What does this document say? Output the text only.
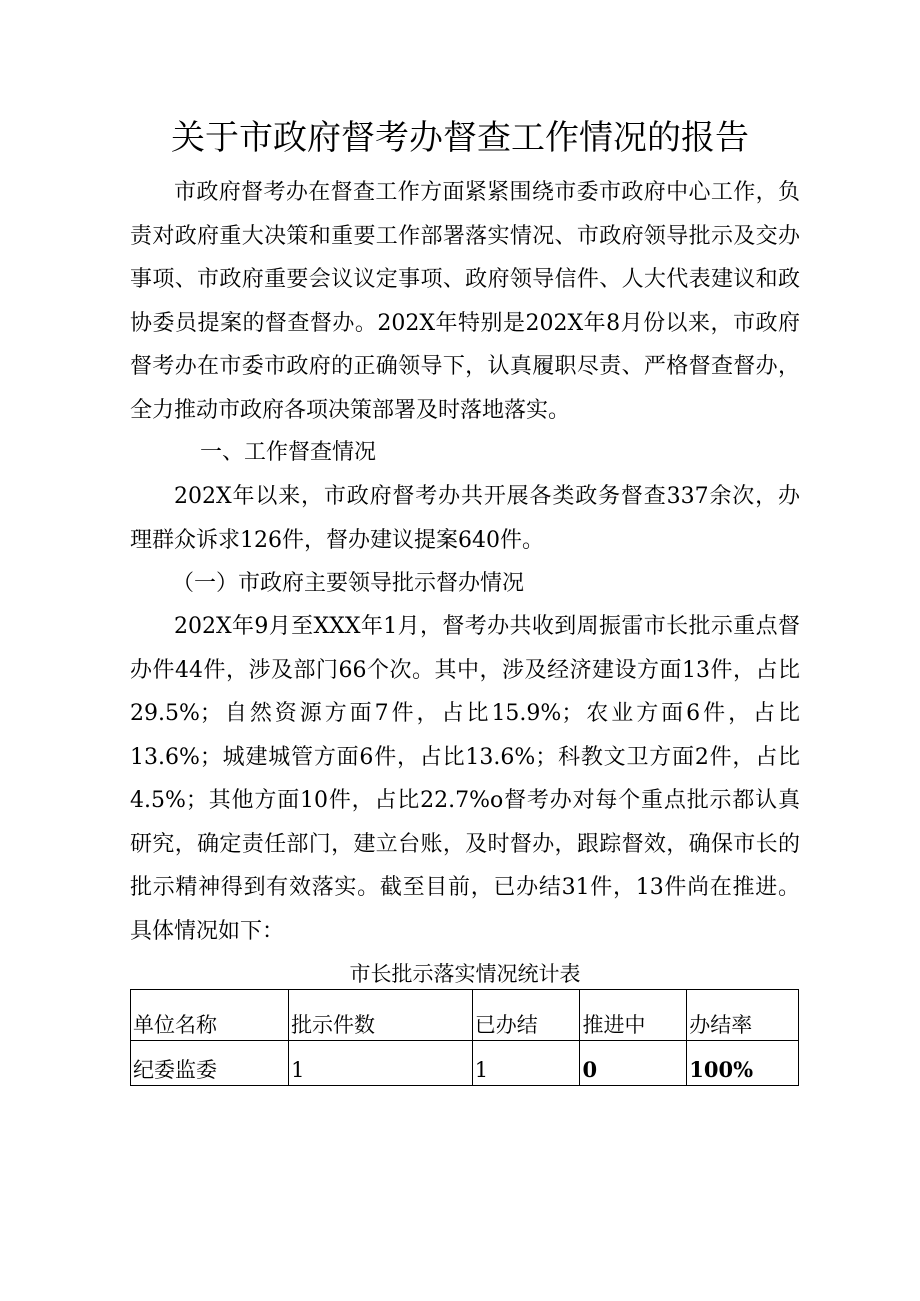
关于市政府督考办督查工作情况的报告

市政府督考办在督查工作方面紧紧围绕市委市政府中心工作，负责对政府重大决策和重要工作部署落实情况、市政府领导批示及交办事项、市政府重要会议议定事项、政府领导信件、人大代表建议和政协委员提案的督查督办。202X年特别是202X年8月份以来，市政府督考办在市委市政府的正确领导下，认真履职尽责、严格督查督办，全力推动市政府各项决策部署及时落地落实。

一、工作督查情况

202X年以来，市政府督考办共开展各类政务督查337余次，办理群众诉求126件，督办建议提案640件。

（一）市政府主要领导批示督办情况

202X年9月至XXX年1月，督考办共收到周振雷市长批示重点督办件44件，涉及部门66个次。其中，涉及经济建设方面13件，占比29.5%；自然资源方面7件，占比15.9%；农业方面6件，占比13.6%；城建城管方面6件，占比13.6%；科教文卫方面2件，占比4.5%；其他方面10件，占比22.7%o督考办对每个重点批示都认真研究，确定责任部门，建立台账，及时督办，跟踪督效，确保市长的批示精神得到有效落实。截至目前，已办结31件，13件尚在推进。具体情况如下：

市长批示落实情况统计表

单位名称	批示件数	已办结	推进中	办结率
纪委监委	1	1	0	100%
